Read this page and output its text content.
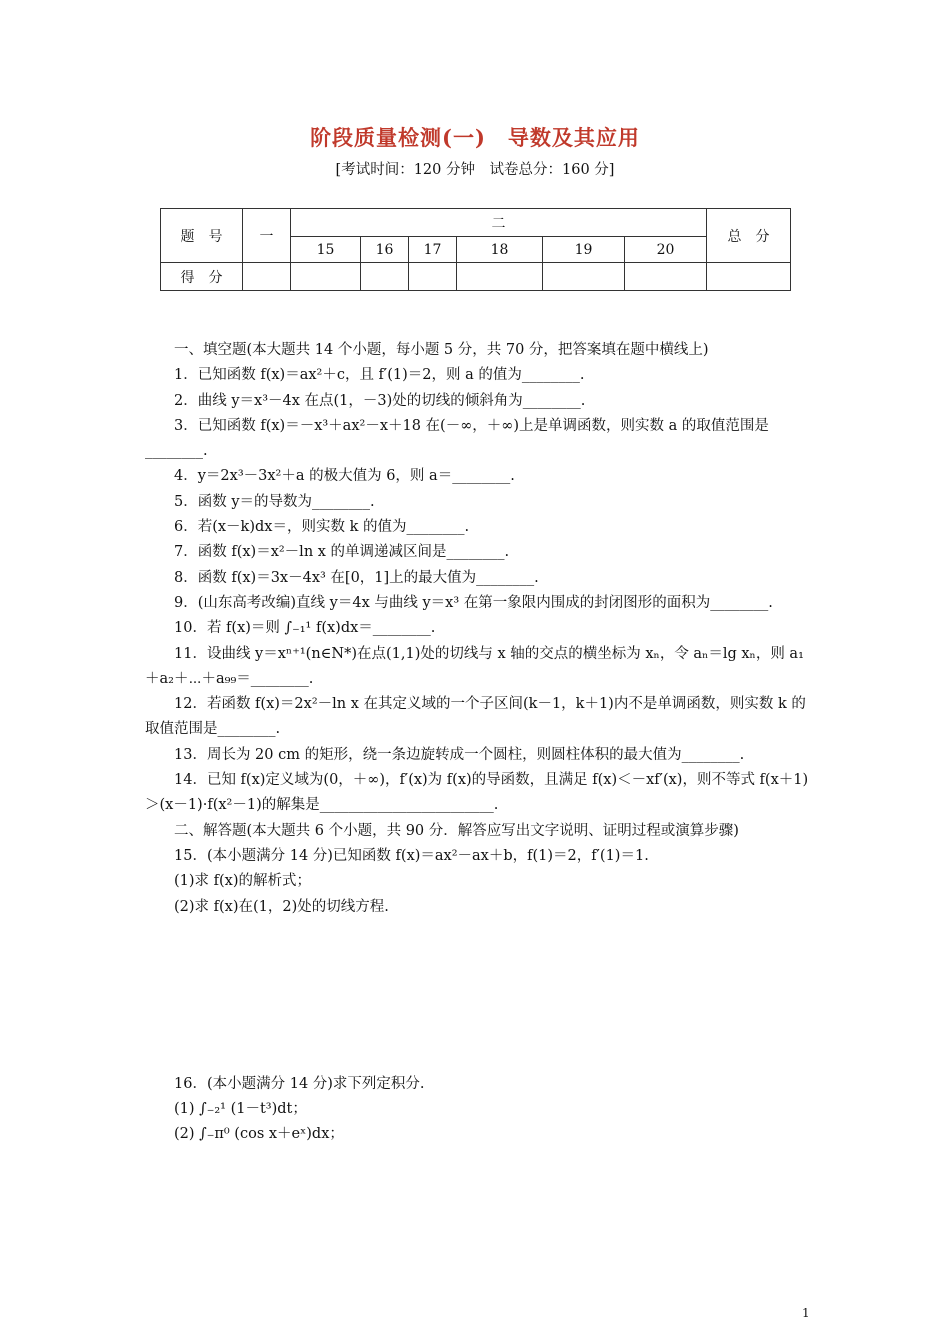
阶段质量检测(一)　导数及其应用
[考试时间：120 分钟　试卷总分：160 分]
题　号	一	二						总　分
		15	16	17	18	19	20	
得　分								

一、填空题(本大题共 14 个小题，每小题 5 分，共 70 分，把答案填在题中横线上)

1．已知函数 f(x)＝ax²＋c，且 f′(1)＝2，则 a 的值为________.

2．曲线 y＝x³－4x 在点(1，－3)处的切线的倾斜角为________.

3．已知函数 f(x)＝－x³＋ax²－x＋18 在(－∞，＋∞)上是单调函数，则实数 a 的取值范围是________.

4．y＝2x³－3x²＋a 的极大值为 6，则 a＝________.

5．函数 y＝的导数为________.

6．若(x－k)dx＝，则实数 k 的值为________.

7．函数 f(x)＝x²－ln x 的单调递减区间是________.

8．函数 f(x)＝3x－4x³ 在[0，1]上的最大值为________.

9．(山东高考改编)直线 y＝4x 与曲线 y＝x³ 在第一象限内围成的封闭图形的面积为________.

10．若 f(x)＝则 ∫₋₁¹ f(x)dx＝________.

11．设曲线 y＝xⁿ⁺¹(n∈N*)在点(1,1)处的切线与 x 轴的交点的横坐标为 xₙ，令 aₙ＝lg xₙ，则 a₁＋a₂＋⋯＋a₉₉＝________.

12．若函数 f(x)＝2x²－ln x 在其定义域的一个子区间(k－1，k＋1)内不是单调函数，则实数 k 的取值范围是________.

13．周长为 20 cm 的矩形，绕一条边旋转成一个圆柱，则圆柱体积的最大值为________.

14．已知 f(x)定义域为(0，＋∞)，f′(x)为 f(x)的导函数，且满足 f(x)＜－xf′(x)，则不等式 f(x＋1)＞(x－1)·f(x²－1)的解集是________________________.

二、解答题(本大题共 6 个小题，共 90 分．解答应写出文字说明、证明过程或演算步骤)

15．(本小题满分 14 分)已知函数 f(x)＝ax²－ax＋b，f(1)＝2，f′(1)＝1.

(1)求 f(x)的解析式；

(2)求 f(x)在(1，2)处的切线方程.

16．(本小题满分 14 分)求下列定积分.

(1) ∫₋₂¹ (1－t³)dt；

(2) ∫₋π⁰ (cos x＋eˣ)dx；

1
